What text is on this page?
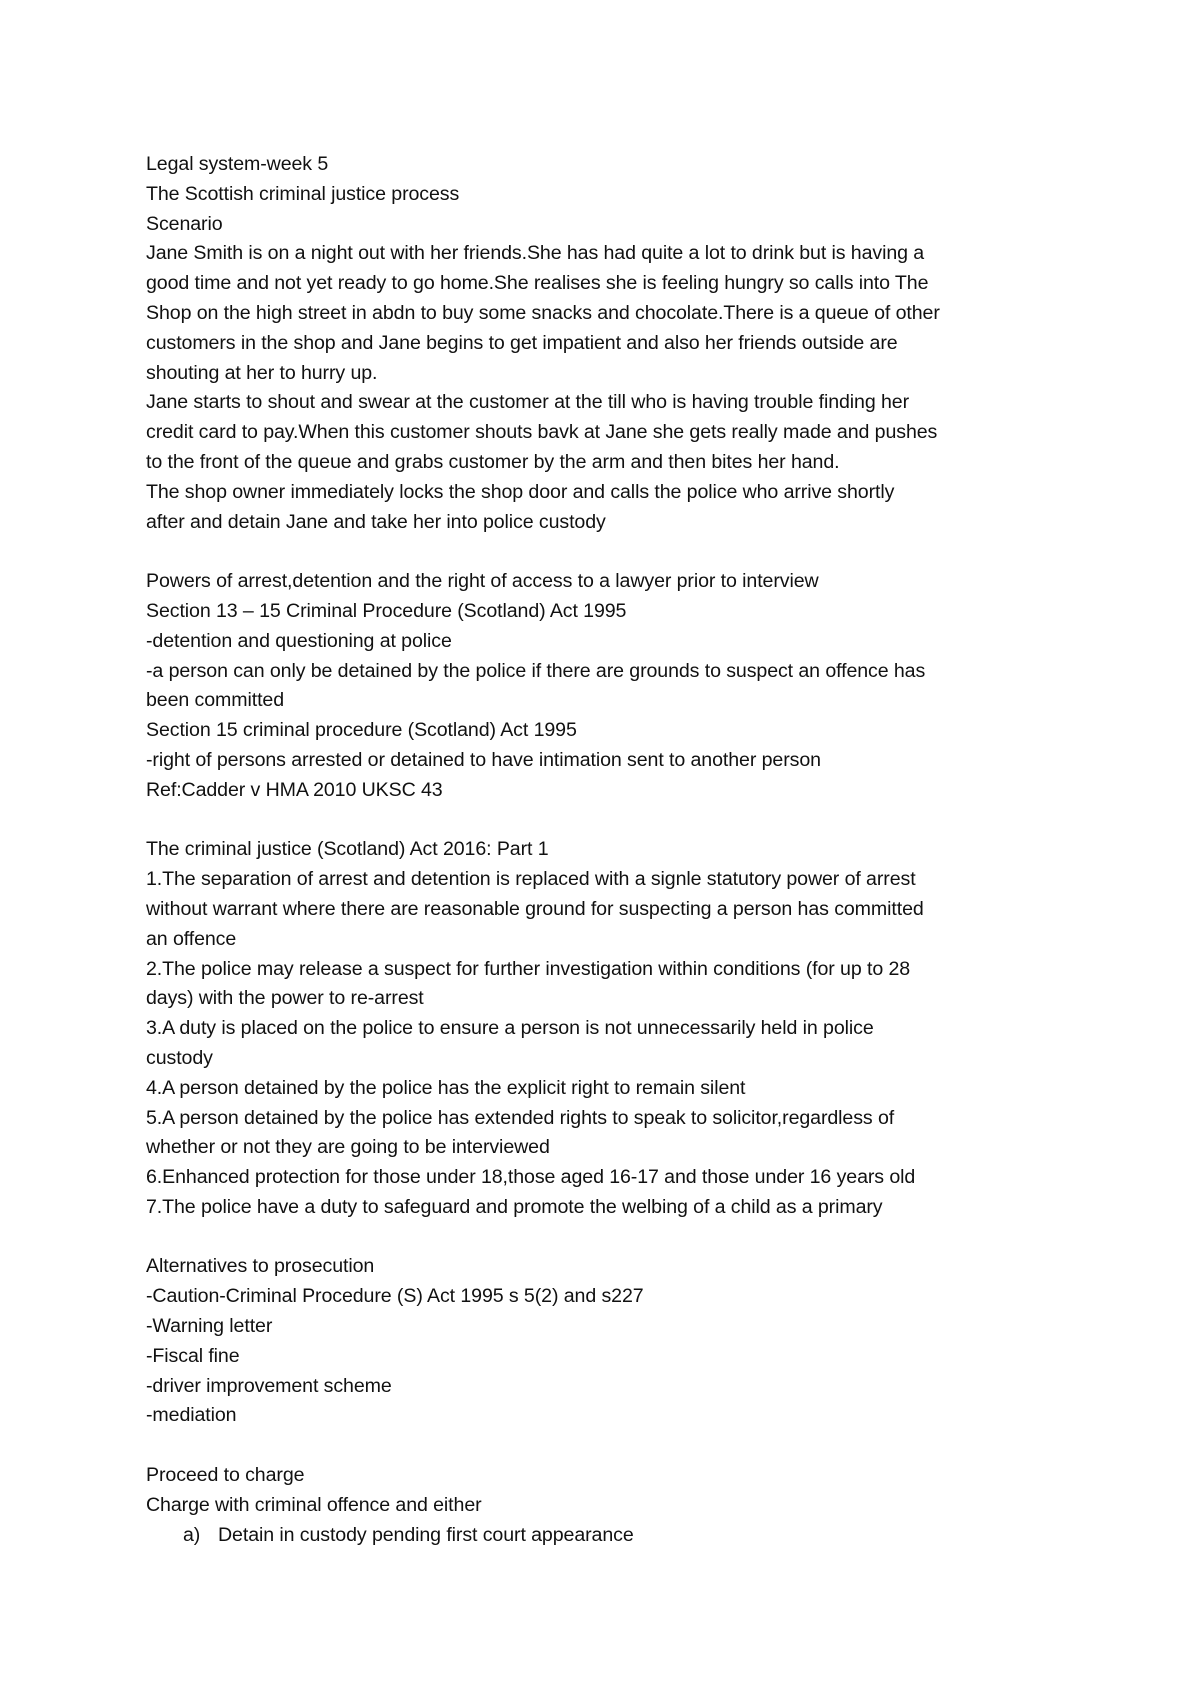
Legal system-week 5

The Scottish criminal justice process

Scenario

Jane Smith is on a night out with her friends.She has had quite a lot to drink but is having a

good time and not yet ready to go home.She realises she is feeling hungry so calls into The

Shop on the high street in abdn to buy some snacks and chocolate.There is a queue of other

customers in the shop and Jane begins to get impatient and also her friends outside are

shouting at her to hurry up.

Jane starts to shout and swear at the customer at the till who is having trouble finding her

credit card to pay.When this customer shouts bavk at Jane she gets really made and pushes

to the front of the queue and grabs customer by the arm and then bites her hand.

The shop owner immediately locks the shop door and calls the police who arrive shortly

after and detain Jane and take her into police custody

Powers of arrest,detention and the right of access to a lawyer prior to interview

Section 13 – 15 Criminal Procedure (Scotland) Act 1995

-detention and questioning at police

-a person can only be detained by the police if there are grounds to suspect an offence has

been committed

Section 15 criminal procedure (Scotland) Act 1995

-right of persons arrested or detained to have intimation sent to another person

Ref:Cadder v HMA 2010 UKSC 43

The criminal justice (Scotland) Act 2016: Part 1

1.The separation of arrest and detention is replaced with a signle statutory power of arrest

without warrant where there are reasonable ground for suspecting a person has committed

an offence

2.The police may release a suspect for further investigation within conditions (for up to 28

days) with the power to re-arrest

3.A duty is placed on the police to ensure a person is not unnecessarily held in police

custody

4.A person detained by the police has the explicit right to remain silent

5.A person detained by the police has extended rights to speak to solicitor,regardless of

whether or not they are going to be interviewed

6.Enhanced protection for those under 18,those aged 16-17 and those under 16 years old

7.The police have a duty to safeguard and promote the welbing of a child as a primary

Alternatives to prosecution

-Caution-Criminal Procedure (S) Act 1995 s 5(2) and s227

-Warning letter

-Fiscal fine

-driver improvement scheme

-mediation

Proceed to charge

Charge with criminal offence and either

a) Detain in custody pending first court appearance
